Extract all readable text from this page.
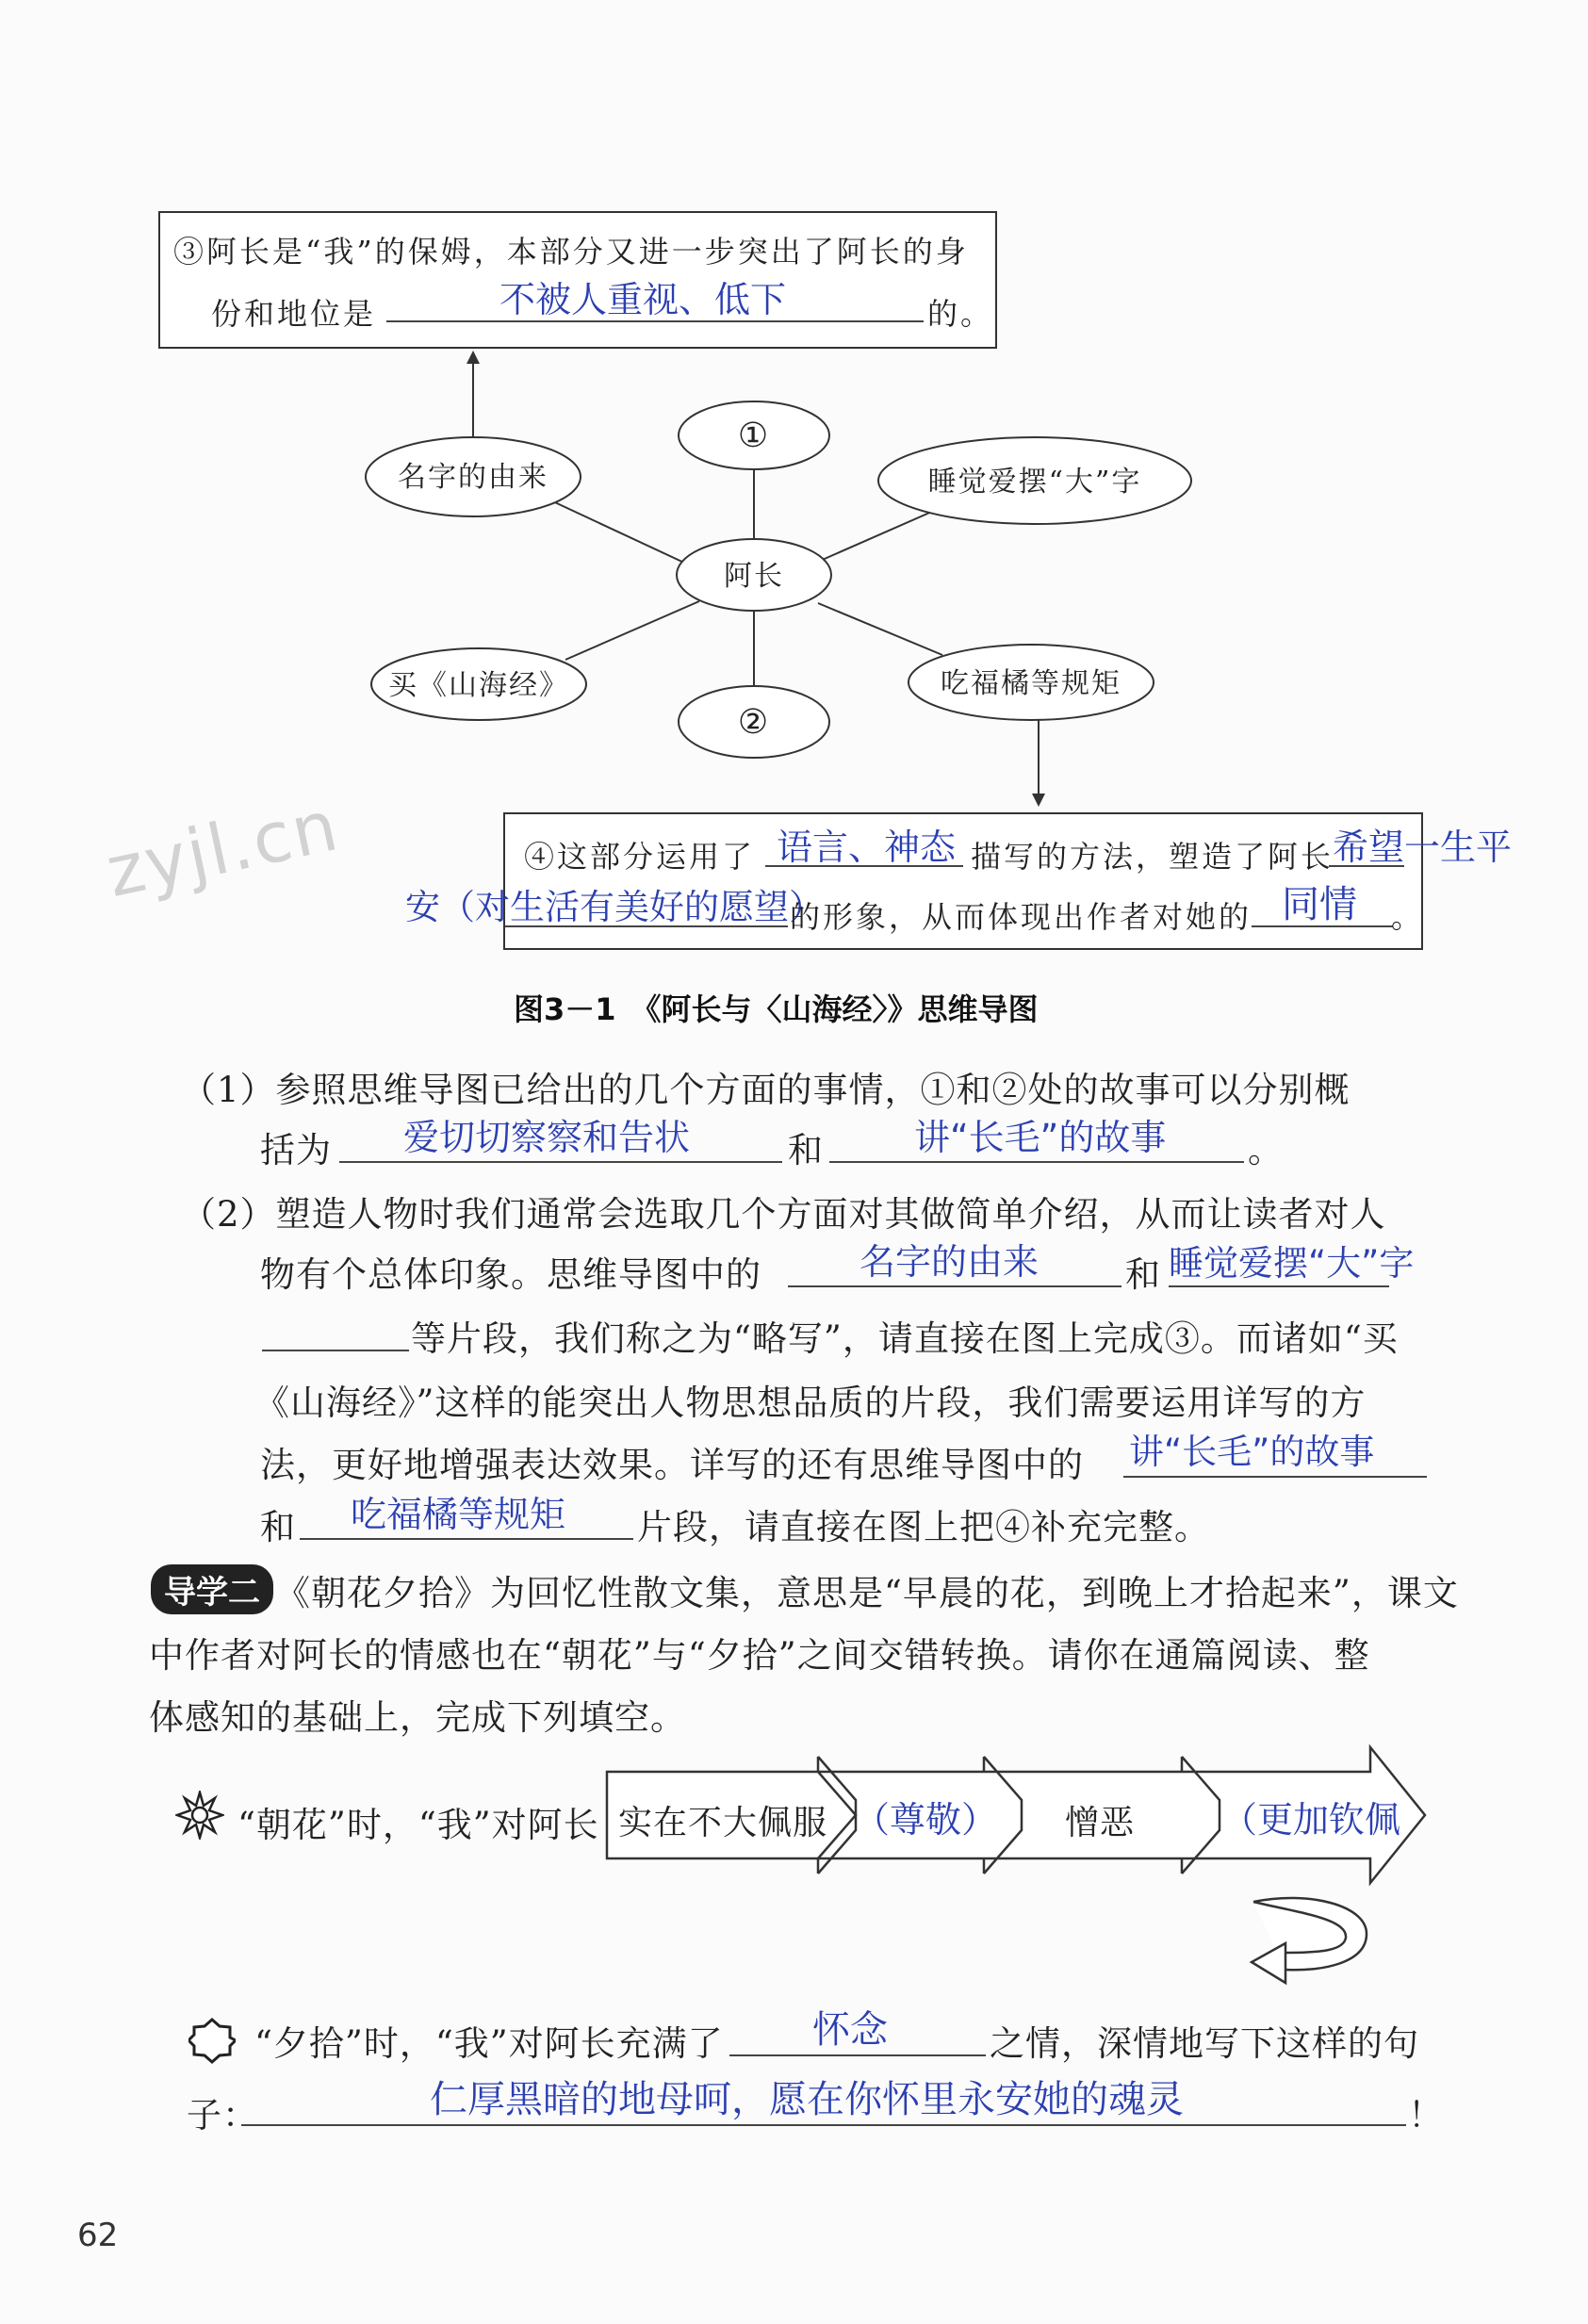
③阿长是“我”的保姆，本部分又进一步突出了阿长的身
份和地位是	不被人重视、低下	的。
①
名字的由来	睡觉爱摆“大”字
阿长
买《山海经》
②
吃福橘等规矩
④这部分运用了 语言、神态 描写的方法，塑造了阿长
希望一生平
安（对生活有美好的愿望）
的形象，从而体现出作者对她的 同情 。
zyjl.cn
图3－1　《阿长与〈山海经〉》思维导图
（1）参照思维导图已给出的几个方面的事情，①和②处的故事可以分别概
括为 爱切切察察和告状	和	讲“长毛”的故事 。
（2）塑造人物时我们通常会选取几个方面对其做简单介绍，从而让读者对人
物有个总体印象。思维导图中的	名字的由来 和 睡觉爱摆“大”字
等片段，我们称之为“略写”，请直接在图上完成③。而诸如“买
《山海经》”这样的能突出人物思想品质的片段，我们需要运用详写的方
法，更好地增强表达效果。详写的还有思维导图中的 讲“长毛”的故事
和 吃福橘等规矩 片段，请直接在图上把④补充完整。
导学二 《朝花夕拾》为回忆性散文集，意思是“早晨的花，到晚上才拾起来”，课文
中作者对阿长的情感也在“朝花”与“夕拾”之间交错转换。请你在通篇阅读、整
体感知的基础上，完成下列填空。
“朝花”时，“我”对阿长 实在不大佩服 （尊敬） 憎恶 （更加钦佩
“夕拾”时，“我”对阿长充满了 怀念	之情，深情地写下这样的句
子：	仁厚黑暗的地母呵，愿在你怀里永安她的魂灵	！
62
